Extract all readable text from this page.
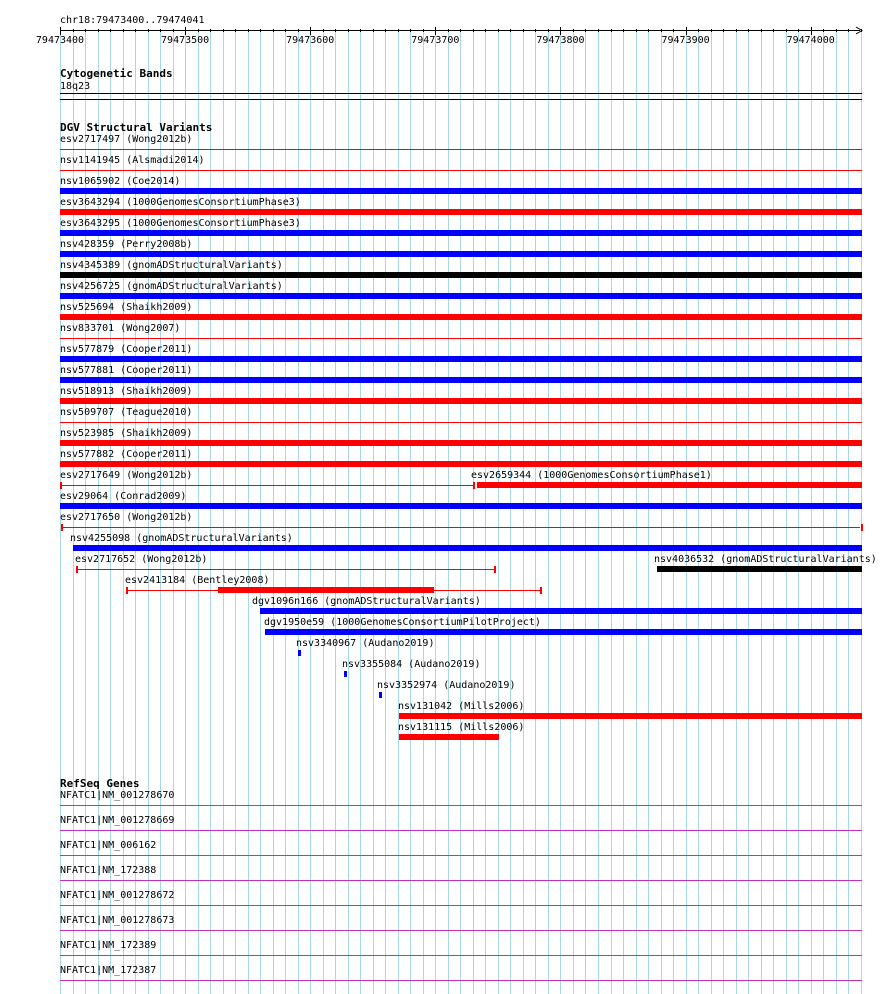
chr18:79473400..79474041
Cytogenetic Bands
18q23
DGV Structural Variants
RefSeq Genes
79473400	79473500	79473600	79473700	79473800	79473900	79474000
esv2717497 (Wong2012b)
nsv1141945 (Alsmadi2014)
nsv1065902 (Coe2014)
esv3643294 (1000GenomesConsortiumPhase3)
esv3643295 (1000GenomesConsortiumPhase3)
nsv428359 (Perry2008b)
nsv4345389 (gnomADStructuralVariants)
nsv4256725 (gnomADStructuralVariants)
nsv525694 (Shaikh2009)
nsv833701 (Wong2007)
nsv577879 (Cooper2011)
nsv577881 (Cooper2011)
nsv518913 (Shaikh2009)
nsv509707 (Teague2010)
nsv523985 (Shaikh2009)
nsv577882 (Cooper2011)
esv2717649 (Wong2012b)	esv2659344 (1000GenomesConsortiumPhase1)
esv29064 (Conrad2009)
esv2717650 (Wong2012b)
nsv4255098 (gnomADStructuralVariants)
esv2717652 (Wong2012b)	nsv4036532 (gnomADStructuralVariants)
esv2413184 (Bentley2008)
dgv1096n166 (gnomADStructuralVariants)
dgv1950e59 (1000GenomesConsortiumPilotProject)
nsv3340967 (Audano2019)
nsv3355084 (Audano2019)
nsv3352974 (Audano2019)
nsv131042 (Mills2006)
nsv131115 (Mills2006)
NFATC1|NM_001278670
NFATC1|NM_001278669
NFATC1|NM_006162
NFATC1|NM_172388
NFATC1|NM_001278672
NFATC1|NM_001278673
NFATC1|NM_172389
NFATC1|NM_172387
